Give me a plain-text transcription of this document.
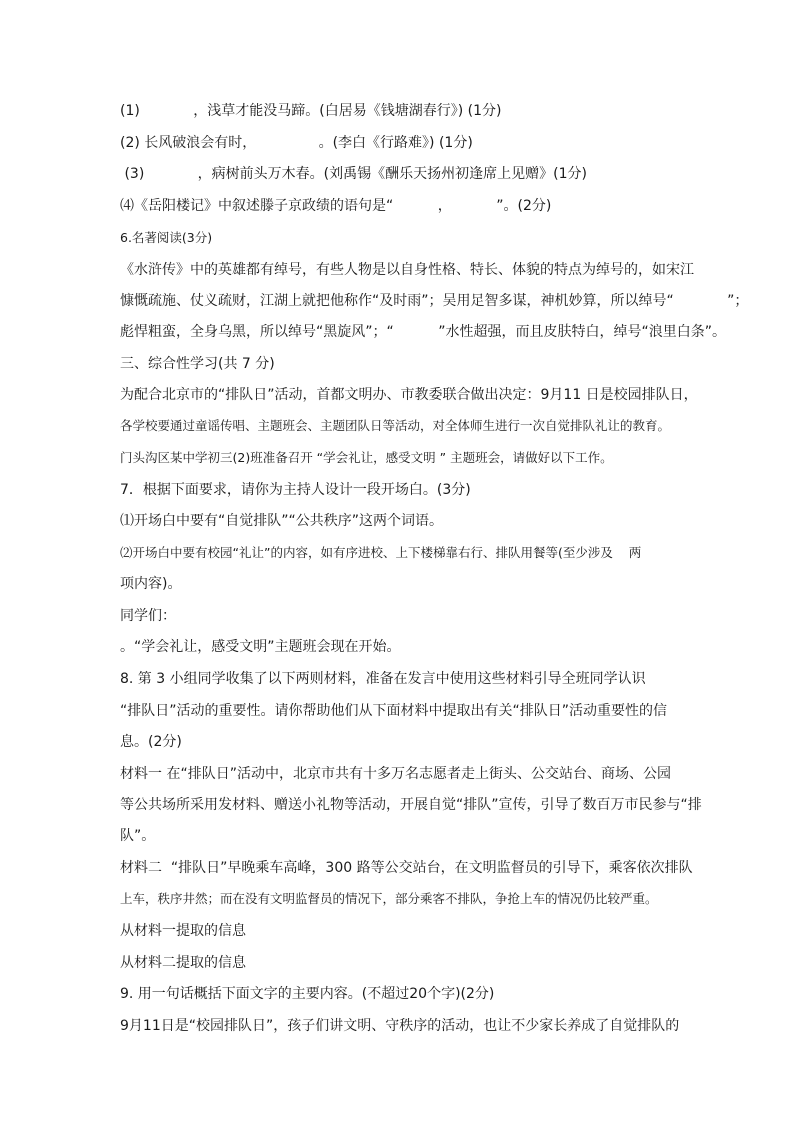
(1)            ，浅草才能没马蹄。(白居易《钱塘湖春行》) (1分)
(2) 长风破浪会有时，              。(李白《行路难》) (1分)
(3)            ，病树前头万木春。(刘禹锡《酬乐天扬州初逢席上见赠》(1分)
⑷《岳阳楼记》中叙述滕子京政绩的语句是“          ，          ”。(2分)
6.名著阅读(3分)
《水浒传》中的英雄都有绰号，有些人物是以自身性格、特长、体貌的特点为绰号的，如宋江
慷慨疏施、仗义疏财，江湖上就把他称作“及时雨”；吴用足智多谋，神机妙算，所以绰号“            ”；
彪悍粗蛮，全身乌黑，所以绰号“黑旋风”；“          ”水性超强，而且皮肤特白，绰号“浪里白条”。
三、综合性学习(共 7 分)
为配合北京市的“排队日”活动，首都文明办、市教委联合做出决定：9月11 日是校园排队日，
各学校要通过童谣传唱、主题班会、主题团队日等活动，对全体师生进行一次自觉排队礼让的教育。
门头沟区某中学初三(2)班准备召开 “学会礼让，感受文明 ” 主题班会，请做好以下工作。
7．根据下面要求，请你为主持人设计一段开场白。(3分)
⑴开场白中要有“自觉排队”“公共秩序”这两个词语。
⑵开场白中要有校园“礼让”的内容，如有序进校、上下楼梯靠右行、排队用餐等(至少涉及    两
项内容)。
同学们：
。“学会礼让，感受文明”主题班会现在开始。
8. 第 3 小组同学收集了以下两则材料，准备在发言中使用这些材料引导全班同学认识
“排队日”活动的重要性。请你帮助他们从下面材料中提取出有关“排队日”活动重要性的信
息。(2分)
材料一 在“排队日”活动中，北京市共有十多万名志愿者走上街头、公交站台、商场、公园
等公共场所采用发材料、赠送小礼物等活动，开展自觉“排队”宣传，引导了数百万市民参与“排
队”。
材料二  “排队日”早晚乘车高峰，300 路等公交站台，在文明监督员的引导下，乘客依次排队
上车，秩序井然；而在没有文明监督员的情况下，部分乘客不排队，争抢上车的情况仍比较严重。
从材料一提取的信息
从材料二提取的信息
9. 用一句话概括下面文字的主要内容。(不超过20个字)(2分)
9月11日是“校园排队日”，孩子们讲文明、守秩序的活动，也让不少家长养成了自觉排队的
